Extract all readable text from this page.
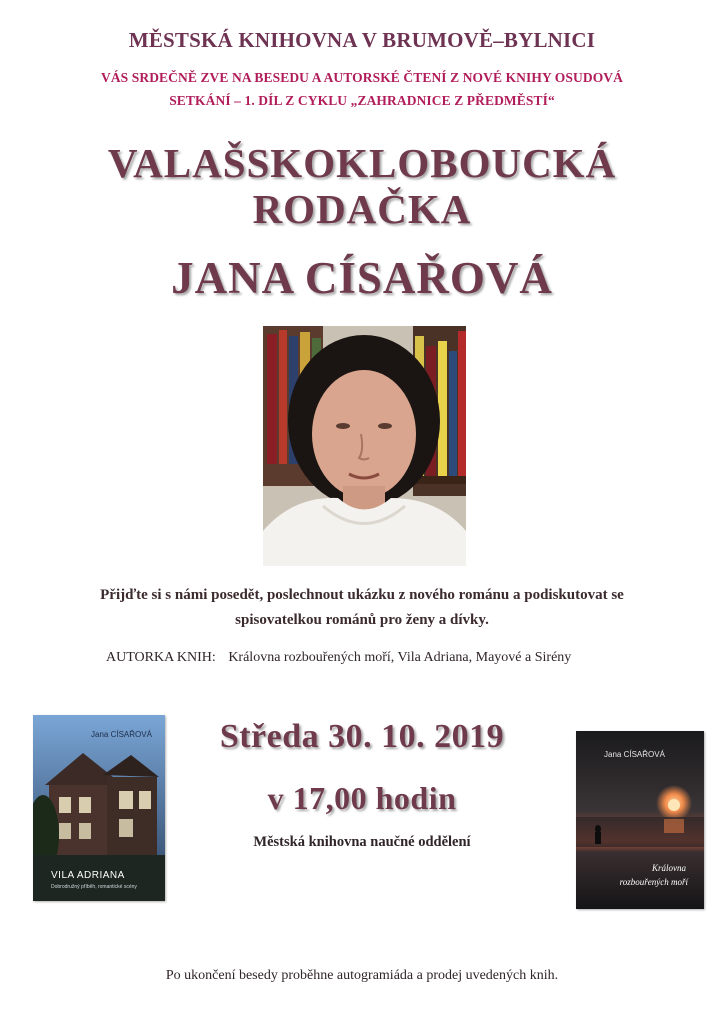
MĚSTSKÁ KNIHOVNA V BRUMOVĚ–BYLNICI
VÁS SRDEČNĚ ZVE NA BESEDU A AUTORSKÉ ČTENÍ Z NOVÉ KNIHY OSUDOVÁ
SETKÁNÍ – 1. DÍL Z CYKLU „ZAHRADNICE Z PŘEDMĚSTÍ“
VALAŠSKOKLOBOUCKÁ
RODAČKA
JANA CÍSAŘOVÁ
Přijďte si s námi posedět, poslechnout ukázku z nového románu a podiskutovat se
spisovatelkou románů pro ženy a dívky.
AUTORKA KNIH: Královna rozbouřených moří, Vila Adriana, Mayové a Sirény
Středa 30. 10. 2019
v 17,00 hodin
Městská knihovna naučné oddělení
Jana CÍSAŘOVÁ
VILA ADRIANA
Dobrodružný příběh, romantické scény
Jana CÍSAŘOVÁ
Královna
rozbouřených moří
Po ukončení besedy proběhne autogramiáda a prodej uvedených knih.
